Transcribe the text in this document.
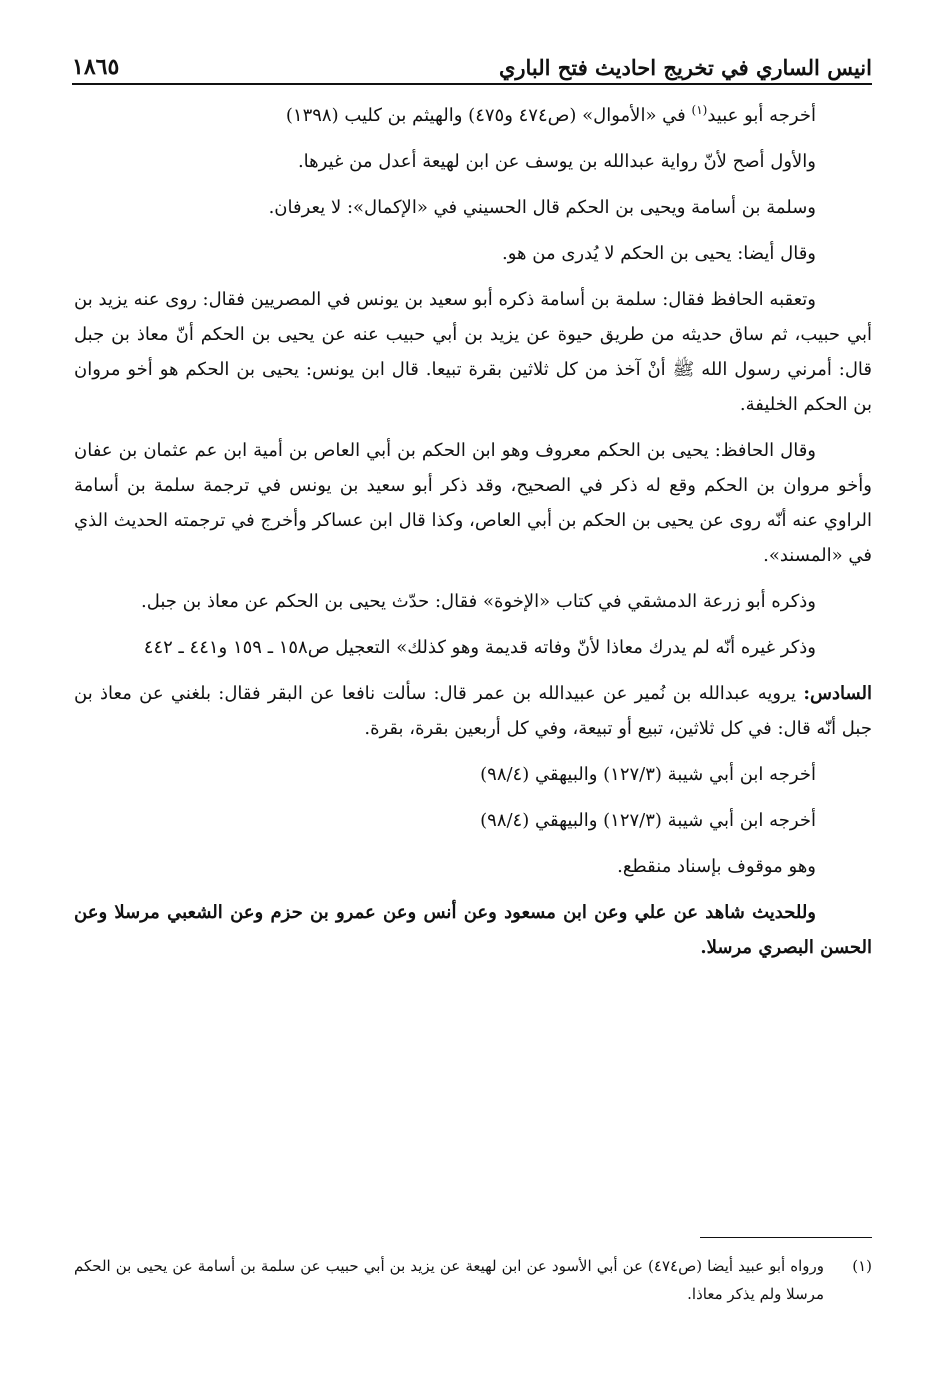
انيس الساري في تخريج احاديث فتح الباري
١٨٦٥

أخرجه أبو عبيد$^{(١)}$ في «الأموال» (ص٤٧٤ و٤٧٥) والهيثم بن كليب (١٣٩٨)

والأول أصح لأنّ رواية عبدالله بن يوسف عن ابن لهيعة أعدل من غيرها.

وسلمة بن أسامة ويحيى بن الحكم قال الحسيني في «الإكمال»: لا يعرفان.

وقال أيضا: يحيى بن الحكم لا يُدرى من هو.

وتعقبه الحافظ فقال: سلمة بن أسامة ذكره أبو سعيد بن يونس في المصريين فقال: روى عنه يزيد بن أبي حبيب، ثم ساق حديثه من طريق حيوة عن يزيد بن أبي حبيب عنه عن يحيى بن الحكم أنّ معاذ بن جبل قال: أمرني رسول الله ﷺ أنْ آخذ من كل ثلاثين بقرة تبيعا. قال ابن يونس: يحيى بن الحكم هو أخو مروان بن الحكم الخليفة.

وقال الحافظ: يحيى بن الحكم معروف وهو ابن الحكم بن أبي العاص بن أمية ابن عم عثمان بن عفان وأخو مروان بن الحكم وقع له ذكر في الصحيح، وقد ذكر أبو سعيد بن يونس في ترجمة سلمة بن أسامة الراوي عنه أنّه روى عن يحيى بن الحكم بن أبي العاص، وكذا قال ابن عساكر وأخرج في ترجمته الحديث الذي في «المسند».

وذكره أبو زرعة الدمشقي في كتاب «الإخوة» فقال: حدّث يحيى بن الحكم عن معاذ بن جبل.

وذكر غيره أنّه لم يدرك معاذا لأنّ وفاته قديمة وهو كذلك» التعجيل ص١٥٨ ـ ١٥٩ و٤٤١ ـ ٤٤٢

السادس: يرويه عبدالله بن نُمير عن عبيدالله بن عمر قال: سألت نافعا عن البقر فقال: بلغني عن معاذ بن جبل أنّه قال: في كل ثلاثين، تبيع أو تبيعة، وفي كل أربعين بقرة، بقرة.

أخرجه ابن أبي شيبة (١٢٧/٣) والبيهقي (٩٨/٤)

أخرجه ابن أبي شيبة (١٢٧/٣) والبيهقي (٩٨/٤)

وهو موقوف بإسناد منقطع.

وللحديث شاهد عن علي وعن ابن مسعود وعن أنس وعن عمرو بن حزم وعن الشعبي مرسلا وعن الحسن البصري مرسلا.

(١)ورواه أبو عبيد أيضا (ص٤٧٤) عن أبي الأسود عن ابن لهيعة عن يزيد بن أبي حبيب عن سلمة بن أسامة عن يحيى بن الحكم مرسلا ولم يذكر معاذا.
